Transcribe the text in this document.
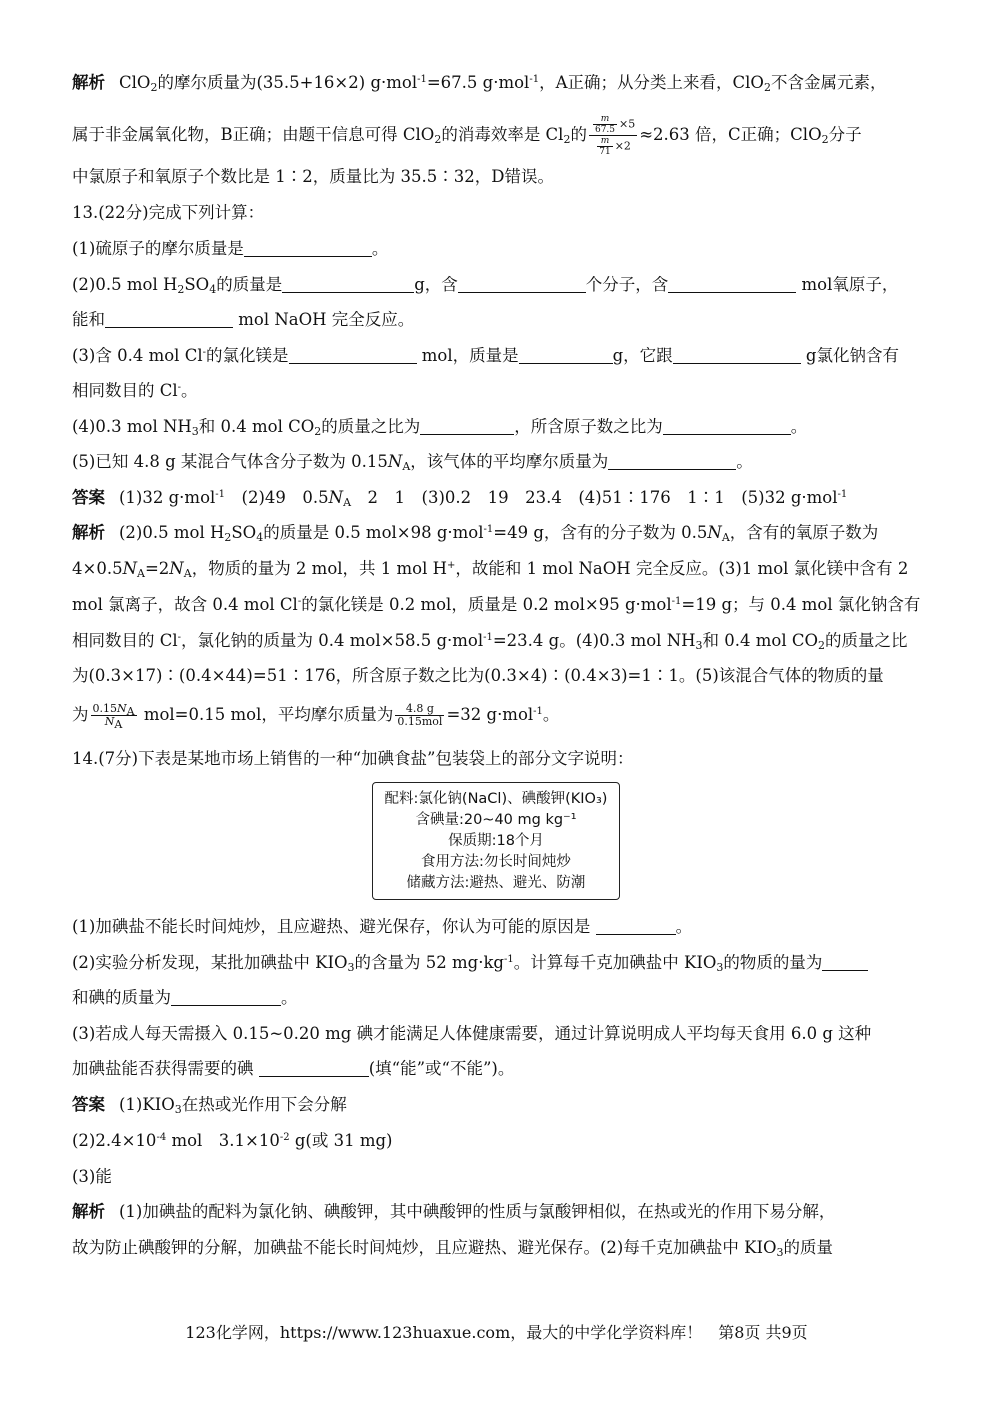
解析 ClO$_2$的摩尔质量为(35.5+16×2) g·mol$^{-1}$=67.5 g·mol$^{-1}$，A正确；从分类上来看，ClO$_2$不含金属元素，
属于非金属氧化物，B正确；由题干信息可得 ClO$_2$的消毒效率是 $Cl_2$的 $\frac{\frac{m}{67.5} \times 5}{\frac{m}{71} \times 2} \approx 2.63$ 倍，C正确；ClO$_2$分子
中氯原子和氧原子个数比是 1∶2，质量比为 35.5∶32，D错误。
13.(22分)完成下列计算：
(1)硫原子的摩尔质量是	。
(2)0.5 mol $H_2SO_4$的质量是	g，含	个分子，含	mol氧原子，
能和	mol NaOH 完全反应。
(3)含 0.4 mol Cl-的氯化镁是	mol，质量是	g，它跟	g氯化钠含有
相同数目的 Cl-。
(4)0.3 mol $NH_3$和 0.4 mol $CO_2$的质量之比为	，所含原子数之比为	。
(5)已知 4.8 g 某混合气体含分子数为 $0.15N_A$，该气体的平均摩尔质量为	。
答案 (1)32 g·mol$^{-1}$　 (2)49　$0.5N_A$　 2　1　(3)0.2　19　23.4　(4)51∶176　1∶1　(5)32 g·mol$^{-1}$
解析 (2)0.5 mol $H_2SO_4$的质量是 0.5 mol×98 g·mol$^{-1}$=49 g，含有的分子数为 $0.5N_A$，含有的氧原子数为
$4\times 0.5N_A=2N_A$，物质的量为 2 mol，共 1 mol H+，故能和 1 mol NaOH 完全反应。(3)1 mol 氯化镁中含有 2
mol 氯离子，故含 0.4 mol Cl-的氯化镁是 0.2 mol，质量是 0.2 mol×95 g·mol$^{-1}$=19 g；与 0.4 mol 氯化钠含有
相同数目的 Cl-，氯化钠的质量为 0.4 mol×58.5 g·mol$^{-1}$=23.4 g。(4)0.3 mol $NH_3$和 0.4 mol $CO_2$的质量之比
为(0.3×17)∶(0.4×44)=51∶176，所含原子数之比为(0.3×4)∶(0.4×3)=1∶1。(5)该混合气体的物质的量
为 $\frac{0.15N_A}{N_A} mol=0.15$ mol，平均摩尔质量为 $\frac{4.8 g}{\text{0.15mol}} =32$ g·mol$^{-1}$。
14.(7分)下表是某地市场上销售的一种“加碘食盐”包装袋上的部分文字说明：
配料:氯化钠(NaCl)、碘酸钾(KIO₃)
含碘量:20~40 mg kg⁻¹
保质期:18个月
食用方法:勿长时间炖炒
储藏方法:避热、避光、防潮
(1)加碘盐不能长时间炖炒，且应避热、避光保存，你认为可能的原因是	。
(2)实验分析发现，某批加碘盐中 $KIO_3$的含量为 52 $mg\cdot kg^{-1}$。计算每千克加碘盐中 $KIO_3$的物质的量为
和碘的质量为	。
(3)若成人每天需摄入 0.15~0.20 mg 碘才能满足人体健康需要，通过计算说明成人平均每天食用 6.0 g 这种
加碘盐能否获得需要的碘	(填“能”或“不能”)。
答案 $(1)KIO_3$在热或光作用下会分解
$(2)2.4\times 10^{-4}$ mol　$3.1\times 10^{-2}$ g(或 31 mg)
(3)能
解析 (1)加碘盐的配料为氯化钠、碘酸钾，其中碘酸钾的性质与氯酸钾相似，在热或光的作用下易分解，
故为防止碘酸钾的分解，加碘盐不能长时间炖炒，且应避热、避光保存。(2)每千克加碘盐中 $KIO_3$的质量
123化学网，https://www.123huaxue.com，最大的中学化学资料库！　第8页 共9页
